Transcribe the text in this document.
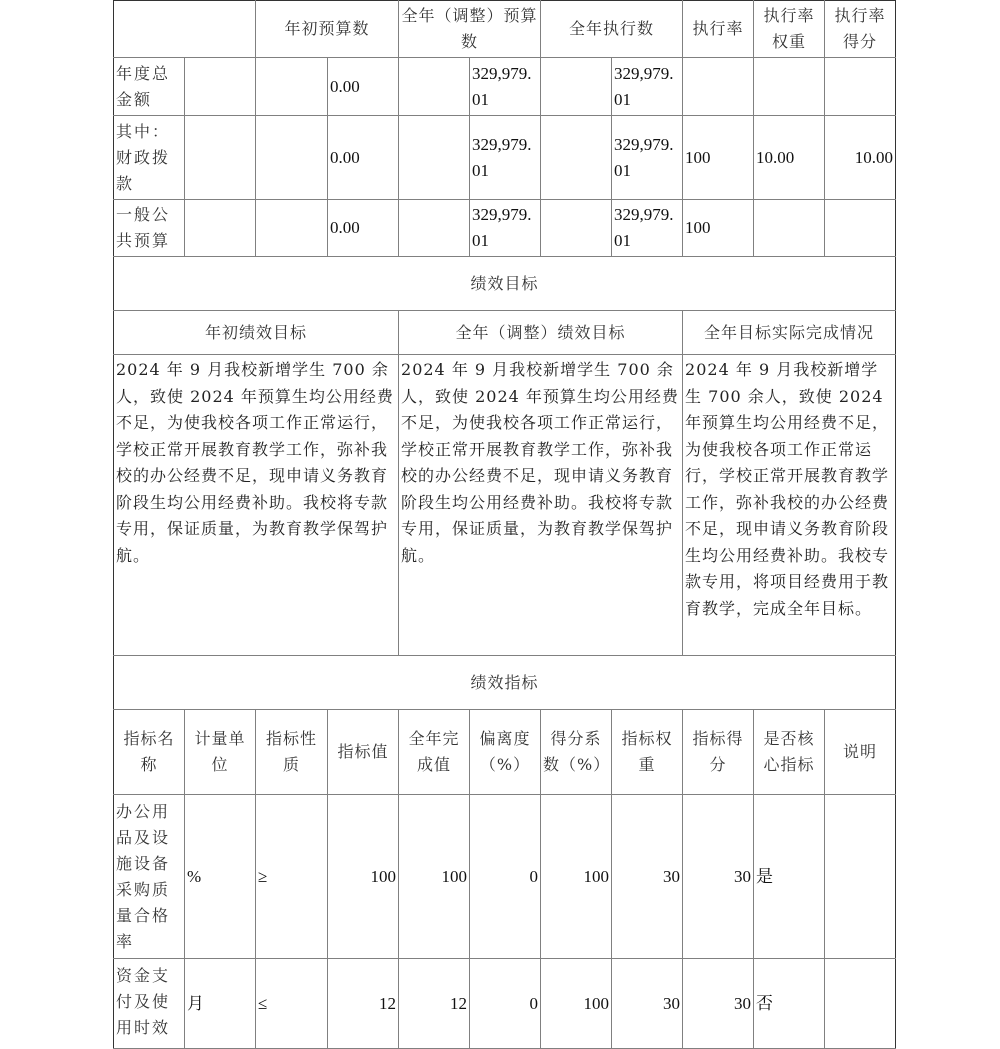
		年初预算数		全年（调整）预算数		全年执行数		执行率	执行率权重	执行率得分
年度总金额			0.00		329,979.01		329,979.01			
其中：财政拨款			0.00		329,979.01		329,979.01	100	10.00	10.00
一般公共预算			0.00		329,979.01		329,979.01	100		
绩效目标										
年初绩效目标				全年（调整）绩效目标				全年目标实际完成情况		
2024 年 9 月我校新增学生 700 余人，致使 2024 年预算生均公用经费不足，为使我校各项工作正常运行，学校正常开展教育教学工作，弥补我校的办公经费不足，现申请义务教育阶段生均公用经费补助。我校将专款专用，保证质量，为教育教学保驾护航。				2024 年 9 月我校新增学生 700 余人，致使 2024 年预算生均公用经费不足，为使我校各项工作正常运行，学校正常开展教育教学工作，弥补我校的办公经费不足，现申请义务教育阶段生均公用经费补助。我校将专款专用，保证质量，为教育教学保驾护航。				2024 年 9 月我校新增学生 700 余人，致使 2024 年预算生均公用经费不足，为使我校各项工作正常运行，学校正常开展教育教学工作，弥补我校的办公经费不足，现申请义务教育阶段生均公用经费补助。我校专款专用，将项目经费用于教育教学，完成全年目标。		
绩效指标										
指标名称	计量单位	指标性质	指标值	全年完成值	偏离度（%）	得分系数（%）	指标权重	指标得分	是否核心指标	说明
办公用品及设施设备采购质量合格率	%	≥	100	100	0	100	30	30	是	
资金支付及使用时效	月	≤	12	12	0	100	30	30	否	
